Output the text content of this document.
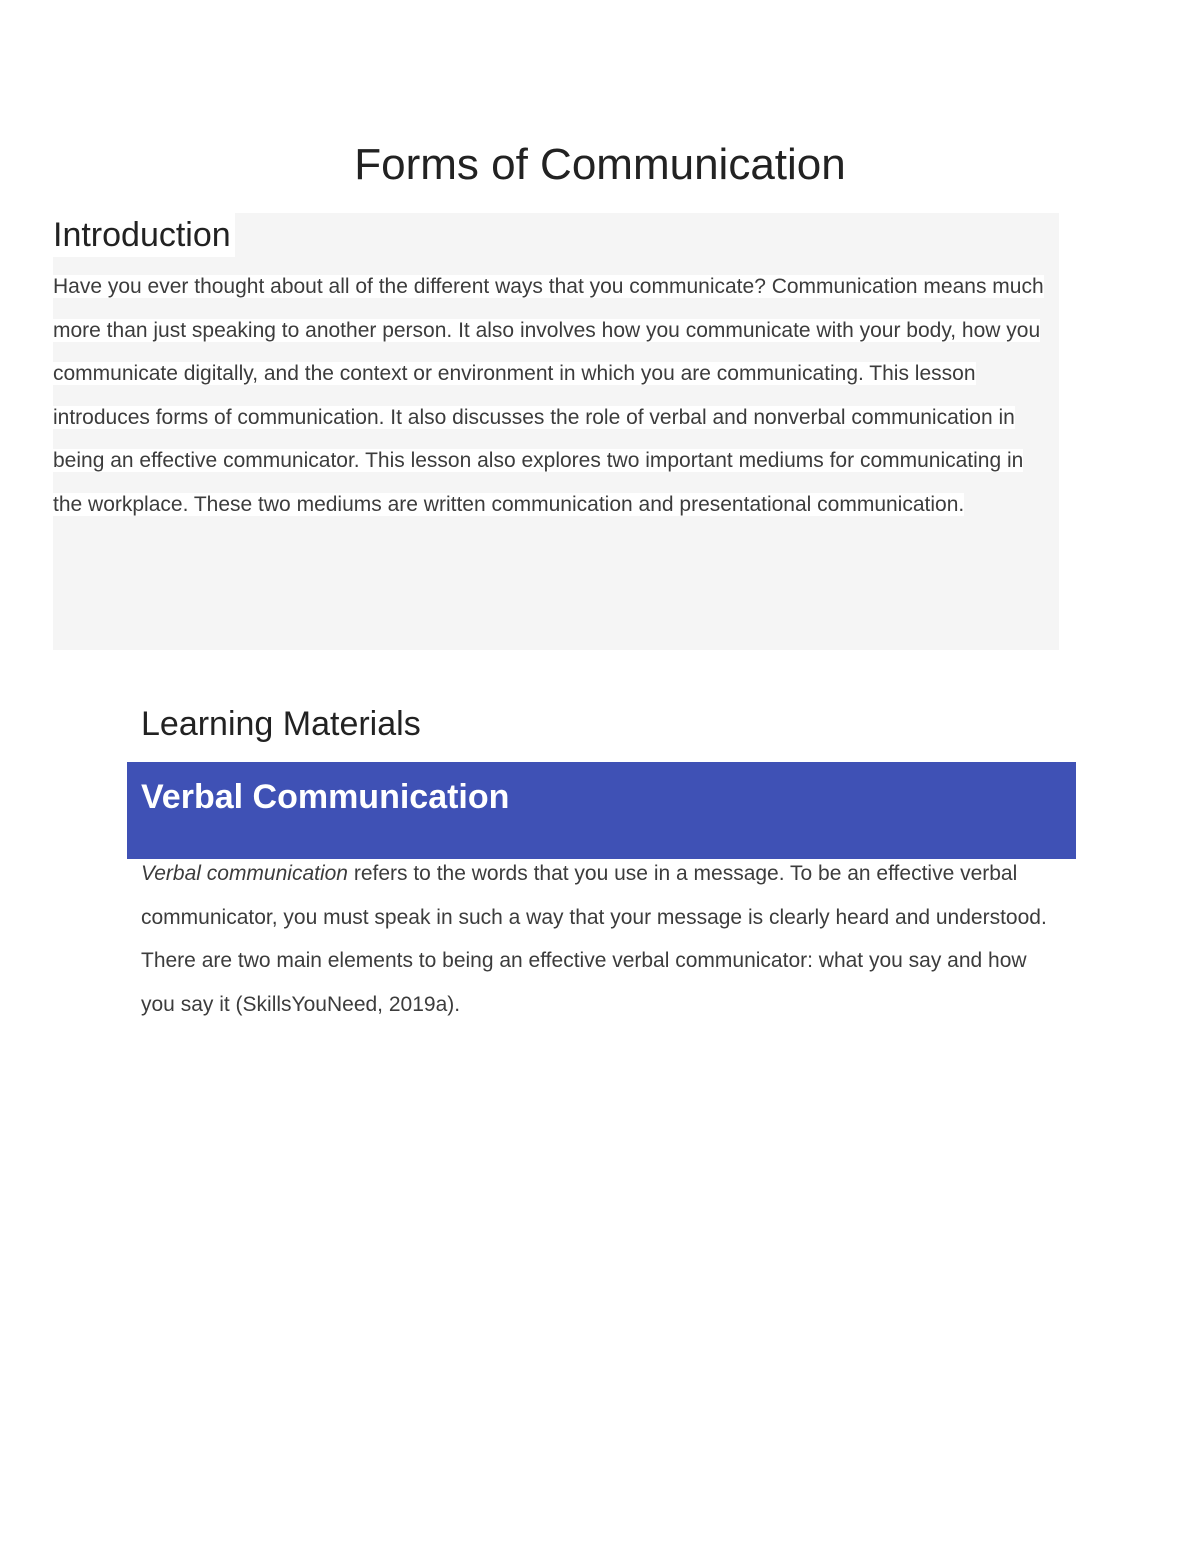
Forms of Communication
Introduction

Have you ever thought about all of the different ways that you communicate? Communication means much more than just speaking to another person. It also involves how you communicate with your body, how you communicate digitally, and the context or environment in which you are communicating. This lesson introduces forms of communication. It also discusses the role of verbal and nonverbal communication in being an effective communicator. This lesson also explores two important mediums for communicating in the workplace. These two mediums are written communication and presentational communication.

Learning Materials
Verbal Communication

Verbal communication refers to the words that you use in a message. To be an effective verbal communicator, you must speak in such a way that your message is clearly heard and understood. There are two main elements to being an effective verbal communicator: what you say and how you say it (SkillsYouNeed, 2019a).
